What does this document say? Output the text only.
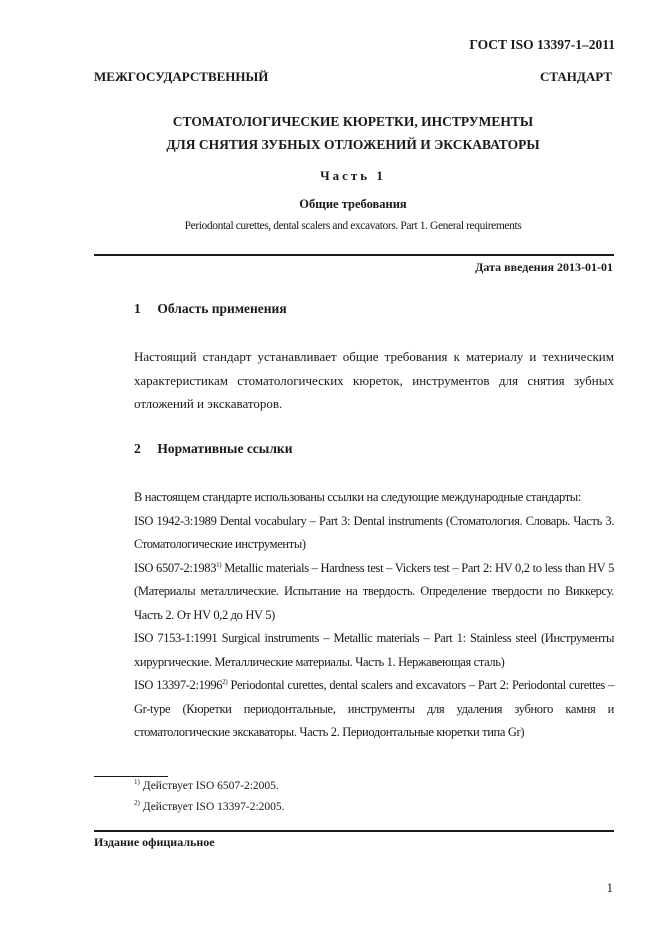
ГОСТ ISO 13397-1–2011
МЕЖГОСУДАРСТВЕННЫЙ СТАНДАРТ
СТОМАТОЛОГИЧЕСКИЕ КЮРЕТКИ, ИНСТРУМЕНТЫ
ДЛЯ СНЯТИЯ ЗУБНЫХ ОТЛОЖЕНИЙ И ЭКСКАВАТОРЫ
Часть 1
Общие требования
Periodontal curettes, dental scalers and excavators. Part 1. General requirements
Дата введения 2013-01-01
1 Область применения
Настоящий стандарт устанавливает общие требования к материалу и техническим характеристикам стоматологических кюреток, инструментов для снятия зубных отложений и экскаваторов.
2 Нормативные ссылки
В настоящем стандарте использованы ссылки на следующие международные стандарты:
ISO 1942-3:1989 Dental vocabulary – Part 3: Dental instruments (Стоматология. Словарь. Часть 3. Стоматологические инструменты)
ISO 6507-2:1983$^{1)}$ Metallic materials – Hardness test – Vickers test – Part 2: HV 0,2 to less than HV 5 (Материалы металлические. Испытание на твердость. Определение твердости по Виккерсу. Часть 2. От HV 0,2 до HV 5)
ISO 7153-1:1991 Surgical instruments – Metallic materials – Part 1: Stainless steel (Инструменты хирургические. Металлические материалы. Часть 1. Нержавеющая сталь)
ISO 13397-2:1996$^{2)}$ Periodontal curettes, dental scalers and excavators – Part 2: Periodontal curettes – Gr-type (Кюретки периодонтальные, инструменты для удаления зубного камня и стоматологические экскаваторы. Часть 2. Периодонтальные кюретки типа Gr)
$^{1)}$ Действует ISO 6507-2:2005.
$^{2)}$ Действует ISO 13397-2:2005.
Издание официальное
1
